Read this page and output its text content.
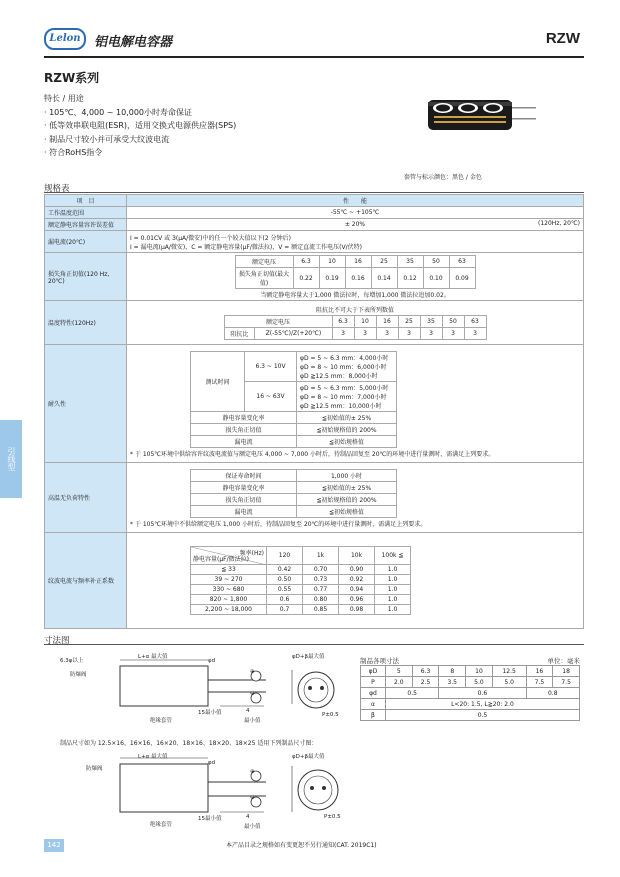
Lelon	铝电解电容器	RZW
RZW系列
特长 / 用途
· 105℃、4,000 ~ 10,000小时寿命保证
· 低等效串联电阻(ESR)，适用交换式电源供应器(SPS)
· 制品尺寸较小并可承受大纹波电流
· 符合RoHS指令
套管与标示颜色：黑色 / 金色
规格表
引线型
项　目	性　　能
工作温度范围	-55℃ ~ +105℃
额定静电容量容许误差值	± 20%	(120Hz, 20℃)

漏电流(20℃)	
I = 0.01CV 或 3(μA/微安)中的任一个较大值以下(2 分钟后)
I = 漏电流(μA/微安)，C = 额定静电容量(μF/微法拉)，V = 额定直流工作电压(V/伏特)

损失角正切值(120 Hz, 20℃)	
额定电压	6.3	10	16	25	35	50	63
损失角正切值(最大值)	0.22	0.19	0.16	0.14	0.12	0.10	0.09
当额定静电容量大于1,000 微法拉时，每增加1,000 微法拉追加0.02。

温度特性(120Hz)	
阻抗比不可大于下表所列数值
额定电压	6.3	10	16	25	35	50	63
阻抗比	Z(-55℃)/Z(+20℃)	3	3	3	3	3	3	3

耐久性	
测试时间	6.3 ~ 10V	
φD = 5 ~ 6.3 mm：4,000小时
φD = 8 ~ 10 mm：6,000小时
φD ≧12.5 mm：8,000小时

16 ~ 63V	
φD = 5 ~ 6.3 mm：5,000小时
φD = 8 ~ 10 mm：7,000小时
φD ≧12.5 mm：10,000小时

静电容量变化率	≦初始值的± 25%
损失角正切值	≦初始规格值的 200%
漏电流	≦初始规格值
* 于 105℃环境中供给容许纹波电流值与额定电压 4,000 ~ 7,000 小时后，待制品回复至 20℃的环境中进行量测时，需满足上列要求。

高温无负荷特性	
保证寿命时间	1,000 小时
静电容量变化率	≦初始值的± 25%
损失角正切值	≦初始规格值的 200%
漏电流	≦初始规格值
* 于 105℃环境中不供给额定电压 1,000 小时后，待制品回复至 20℃的环境中进行量测时，需满足上列要求。

纹波电流与频率补正系数	
频率(Hz)
静电容量(μF/微法拉)
	120	1k	10k	100k ≦
≦ 33	0.42	0.70	0.90	1.0
39 ~ 270	0.50	0.73	0.92	1.0
330 ~ 680	0.55	0.77	0.94	1.0
820 ~ 1,800	0.6	0.80	0.96	1.0
2,200 ~ 18,000	0.7	0.85	0.98	1.0
寸法图
6.3φ以上
防爆阀
L+α 最大值
φd
φD+β最大值
⊕
⊖
15最小值	4
最小值
绝缘套管
P±0.5
制品各项寸法	单位：毫米
φD	5	6.3	8	10	12.5	16	18
P	2.0	2.5	3.5	5.0	5.0	7.5	7.5
φd	0.5		0.6			0.8	
α	L<20: 1.5, L≧20: 2.0						
β	0.5						
制品尺寸如为 12.5×16、16×16、16×20、18×16、18×20、18×25 适用下列制品尺寸图：
防爆阀
L+α 最大值
φd
φD+β最大值
⊕
⊖
15最小值	4
最小值
绝缘套管
P±0.5
142	本产品目录之规格如有变更恕不另行通知(CAT. 2019C1)
